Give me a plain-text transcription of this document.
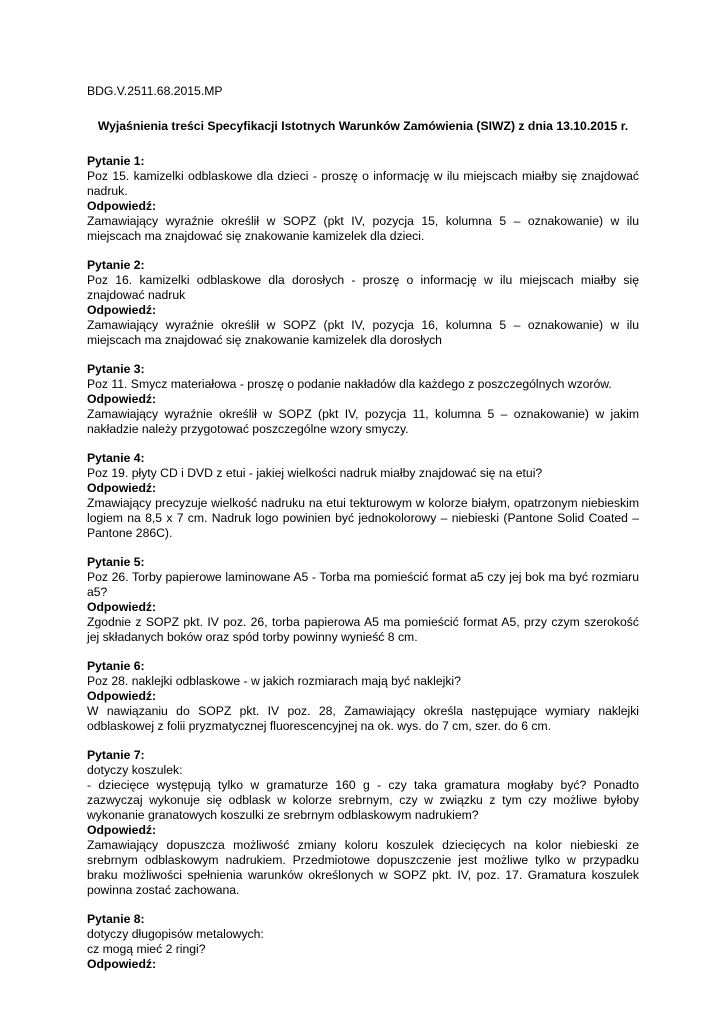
BDG.V.2511.68.2015.MP

Wyjaśnienia treści Specyfikacji Istotnych Warunków Zamówienia (SIWZ) z dnia 13.10.2015 r.

Pytanie 1:

Poz 15. kamizelki odblaskowe dla dzieci - proszę o informację w ilu miejscach miałby się znajdować nadruk.

Odpowiedź:

Zamawiający wyraźnie określił w SOPZ (pkt IV, pozycja 15, kolumna 5 – oznakowanie) w ilu miejscach ma znajdować się znakowanie kamizelek dla dzieci.

Pytanie 2:

Poz 16. kamizelki odblaskowe dla dorosłych - proszę o informację w ilu miejscach miałby się znajdować nadruk

Odpowiedź:

Zamawiający wyraźnie określił w SOPZ (pkt IV, pozycja 16, kolumna 5 – oznakowanie) w ilu miejscach ma znajdować się znakowanie kamizelek dla dorosłych

Pytanie 3:

Poz 11. Smycz materiałowa - proszę o podanie nakładów dla każdego z poszczególnych wzorów.

Odpowiedź:

Zamawiający wyraźnie określił w SOPZ (pkt IV, pozycja 11, kolumna 5 – oznakowanie) w jakim nakładzie należy przygotować poszczególne wzory smyczy.

Pytanie 4:

Poz 19. płyty CD i DVD z etui - jakiej wielkości nadruk miałby znajdować się na etui?

Odpowiedź:

Zmawiający precyzuje wielkość nadruku na etui tekturowym w kolorze białym, opatrzonym niebieskim logiem na 8,5 x 7 cm. Nadruk logo powinien być jednokolorowy – niebieski (Pantone Solid Coated – Pantone 286C).

Pytanie 5:

Poz 26. Torby papierowe laminowane A5 - Torba ma pomieścić format a5 czy jej bok ma być rozmiaru a5?

Odpowiedź:

Zgodnie z SOPZ pkt. IV poz. 26, torba papierowa A5 ma pomieścić format A5, przy czym szerokość jej składanych boków oraz spód torby powinny wynieść 8 cm.

Pytanie 6:

Poz 28. naklejki odblaskowe - w jakich rozmiarach mają być naklejki?

Odpowiedź:

W nawiązaniu do SOPZ pkt. IV poz. 28, Zamawiający określa następujące wymiary naklejki odblaskowej z folii pryzmatycznej fluorescencyjnej na ok. wys. do 7 cm, szer. do 6 cm.

Pytanie 7:

dotyczy koszulek:

- dziecięce występują tylko w gramaturze 160 g - czy taka gramatura mogłaby być? Ponadto zazwyczaj wykonuje się odblask w kolorze srebrnym, czy w związku z tym czy możliwe byłoby wykonanie granatowych koszulki ze srebrnym odblaskowym nadrukiem?

Odpowiedź:

Zamawiający dopuszcza możliwość zmiany koloru koszulek dziecięcych na kolor niebieski ze srebrnym odblaskowym nadrukiem. Przedmiotowe dopuszczenie jest możliwe tylko w przypadku braku możliwości spełnienia warunków określonych w SOPZ pkt. IV, poz. 17. Gramatura koszulek powinna zostać zachowana.

Pytanie 8:

dotyczy długopisów metalowych:

cz mogą mieć 2 ringi?

Odpowiedź:
